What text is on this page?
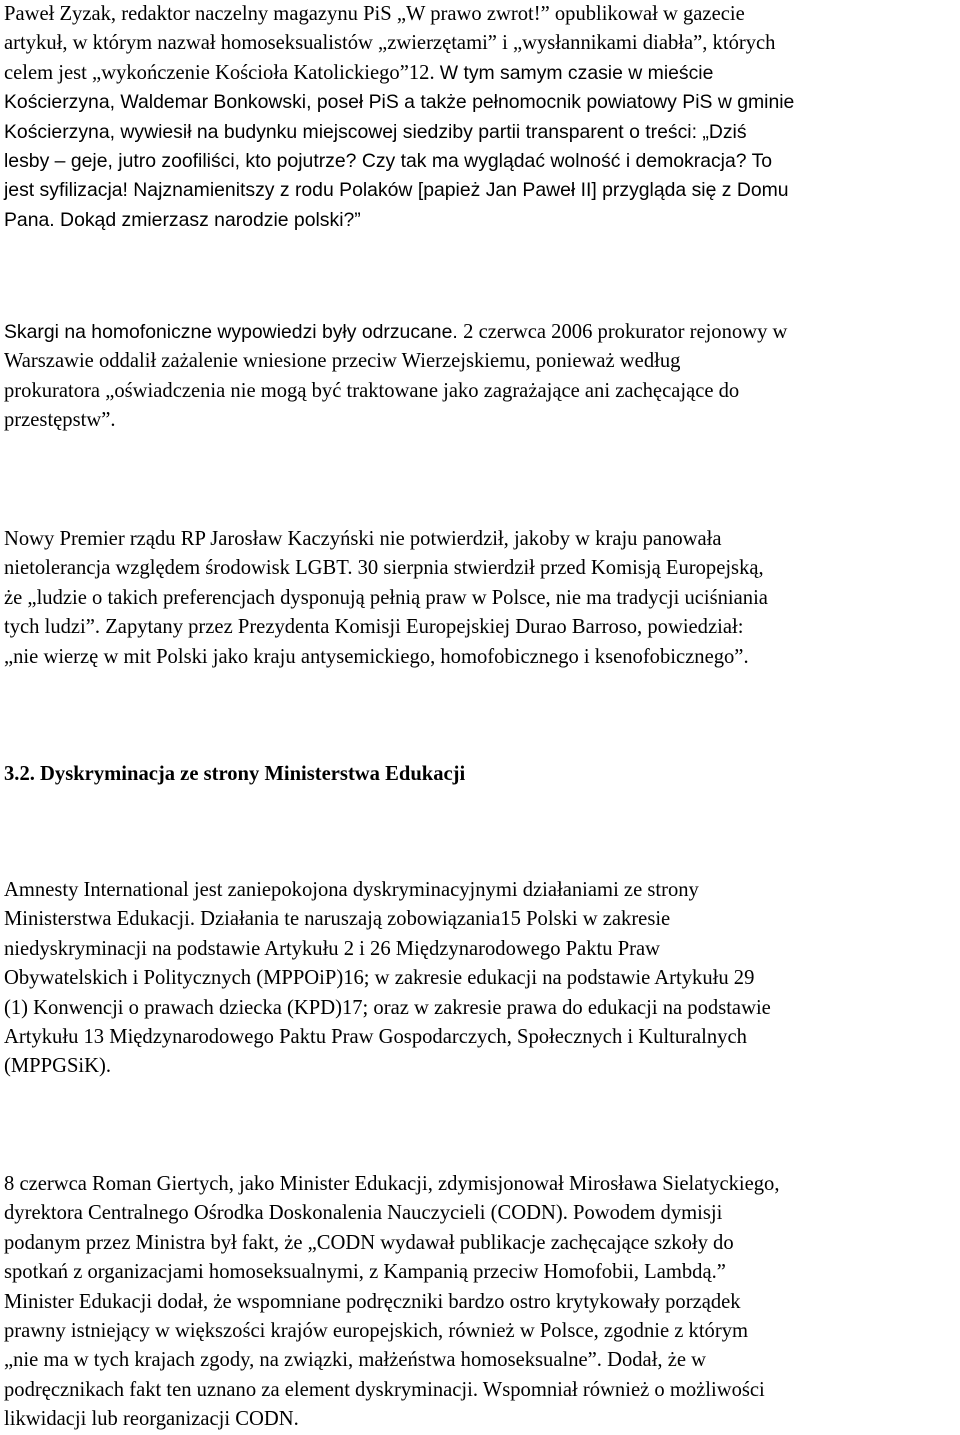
Paweł Zyzak, redaktor naczelny magazynu PiS „W prawo zwrot!” opublikował w gazecie
artykuł, w którym nazwał homoseksualistów „zwierzętami” i „wysłannikami diabła”, których
celem jest „wykończenie Kościoła Katolickiego”12. W tym samym czasie w mieście
Kościerzyna, Waldemar Bonkowski, poseł PiS a także pełnomocnik powiatowy PiS w gminie
Kościerzyna, wywiesił na budynku miejscowej siedziby partii transparent o treści: „Dziś
lesby – geje, jutro zoofiliści, kto pojutrze? Czy tak ma wyglądać wolność i demokracja? To
jest syfilizacja! Najznamienitszy z rodu Polaków [papież Jan Paweł II] przygląda się z Domu
Pana. Dokąd zmierzasz narodzie polski?”
Skargi na homofoniczne wypowiedzi były odrzucane. 2 czerwca 2006 prokurator rejonowy w
Warszawie oddalił zażalenie wniesione przeciw Wierzejskiemu, ponieważ według
prokuratora „oświadczenia nie mogą być traktowane jako zagrażające ani zachęcające do
przestępstw”.
Nowy Premier rządu RP Jarosław Kaczyński nie potwierdził, jakoby w kraju panowała
nietolerancja względem środowisk LGBT. 30 sierpnia stwierdził przed Komisją Europejską,
że „ludzie o takich preferencjach dysponują pełnią praw w Polsce, nie ma tradycji uciśniania
tych ludzi”. Zapytany przez Prezydenta Komisji Europejskiej Durao Barroso, powiedział:
„nie wierzę w mit Polski jako kraju antysemickiego, homofobicznego i ksenofobicznego”.
3.2. Dyskryminacja ze strony Ministerstwa Edukacji
Amnesty International jest zaniepokojona dyskryminacyjnymi działaniami ze strony
Ministerstwa Edukacji. Działania te naruszają zobowiązania15 Polski w zakresie
niedyskryminacji na podstawie Artykułu 2 i 26 Międzynarodowego Paktu Praw
Obywatelskich i Politycznych (MPPOiP)16; w zakresie edukacji na podstawie Artykułu 29
(1) Konwencji o prawach dziecka (KPD)17; oraz w zakresie prawa do edukacji na podstawie
Artykułu 13 Międzynarodowego Paktu Praw Gospodarczych, Społecznych i Kulturalnych
(MPPGSiK).
8 czerwca Roman Giertych, jako Minister Edukacji, zdymisjonował Mirosława Sielatyckiego,
dyrektora Centralnego Ośrodka Doskonalenia Nauczycieli (CODN). Powodem dymisji
podanym przez Ministra był fakt, że „CODN wydawał publikacje zachęcające szkoły do
spotkań z organizacjami homoseksualnymi, z Kampanią przeciw Homofobii, Lambdą.”
Minister Edukacji dodał, że wspomniane podręczniki bardzo ostro krytykowały porządek
prawny istniejący w większości krajów europejskich, również w Polsce, zgodnie z którym
„nie ma w tych krajach zgody, na związki, małżeństwa homoseksualne”. Dodał, że w
podręcznikach fakt ten uznano za element dyskryminacji. Wspomniał również o możliwości
likwidacji lub reorganizacji CODN.
